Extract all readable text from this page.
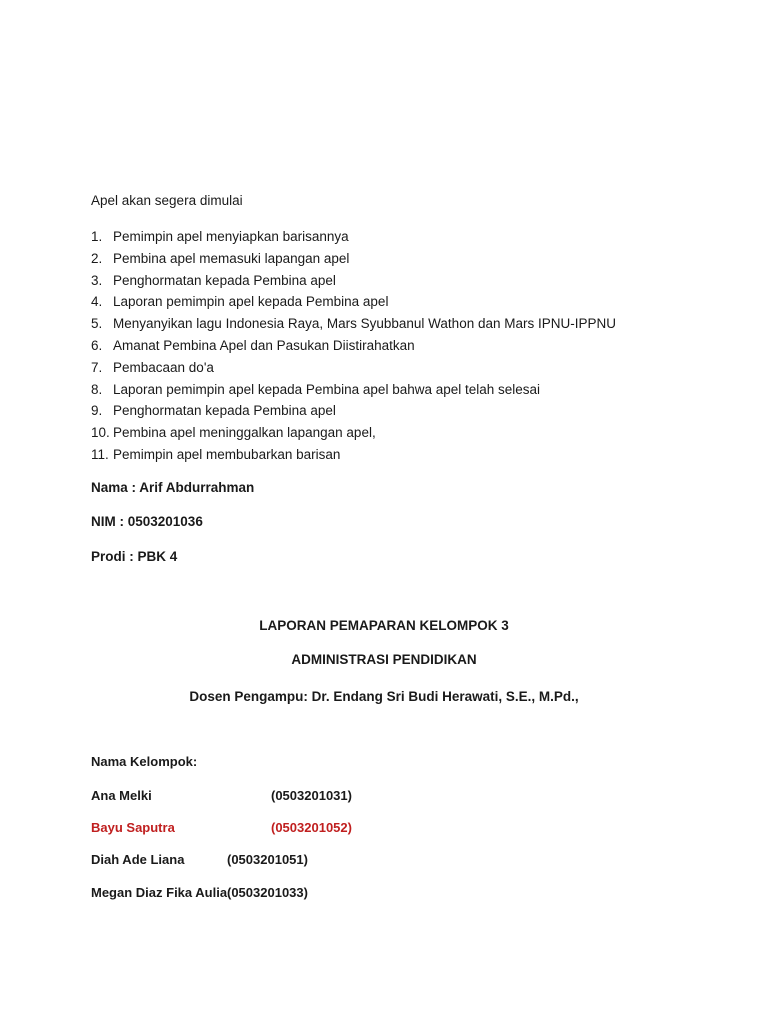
Apel akan segera dimulai
1. Pemimpin apel menyiapkan barisannya
2. Pembina apel memasuki lapangan apel
3. Penghormatan kepada Pembina apel
4. Laporan pemimpin apel kepada Pembina apel
5. Menyanyikan lagu Indonesia Raya, Mars Syubbanul Wathon dan Mars IPNU-IPPNU
6. Amanat Pembina Apel dan Pasukan Diistirahatkan
7. Pembacaan do'a
8. Laporan pemimpin apel kepada Pembina apel bahwa apel telah selesai
9. Penghormatan kepada Pembina apel
10. Pembina apel meninggalkan lapangan apel,
11. Pemimpin apel membubarkan barisan
Nama : Arif Abdurrahman
NIM : 0503201036
Prodi : PBK 4
LAPORAN PEMAPARAN KELOMPOK 3
ADMINISTRASI PENDIDIKAN
Dosen Pengampu: Dr. Endang Sri Budi Herawati, S.E., M.Pd.,
Nama Kelompok:
Ana Melki	(0503201031)
Bayu Saputra	(0503201052)
Diah Ade Liana	(0503201051)
Megan Diaz Fika Aulia (0503201033)
